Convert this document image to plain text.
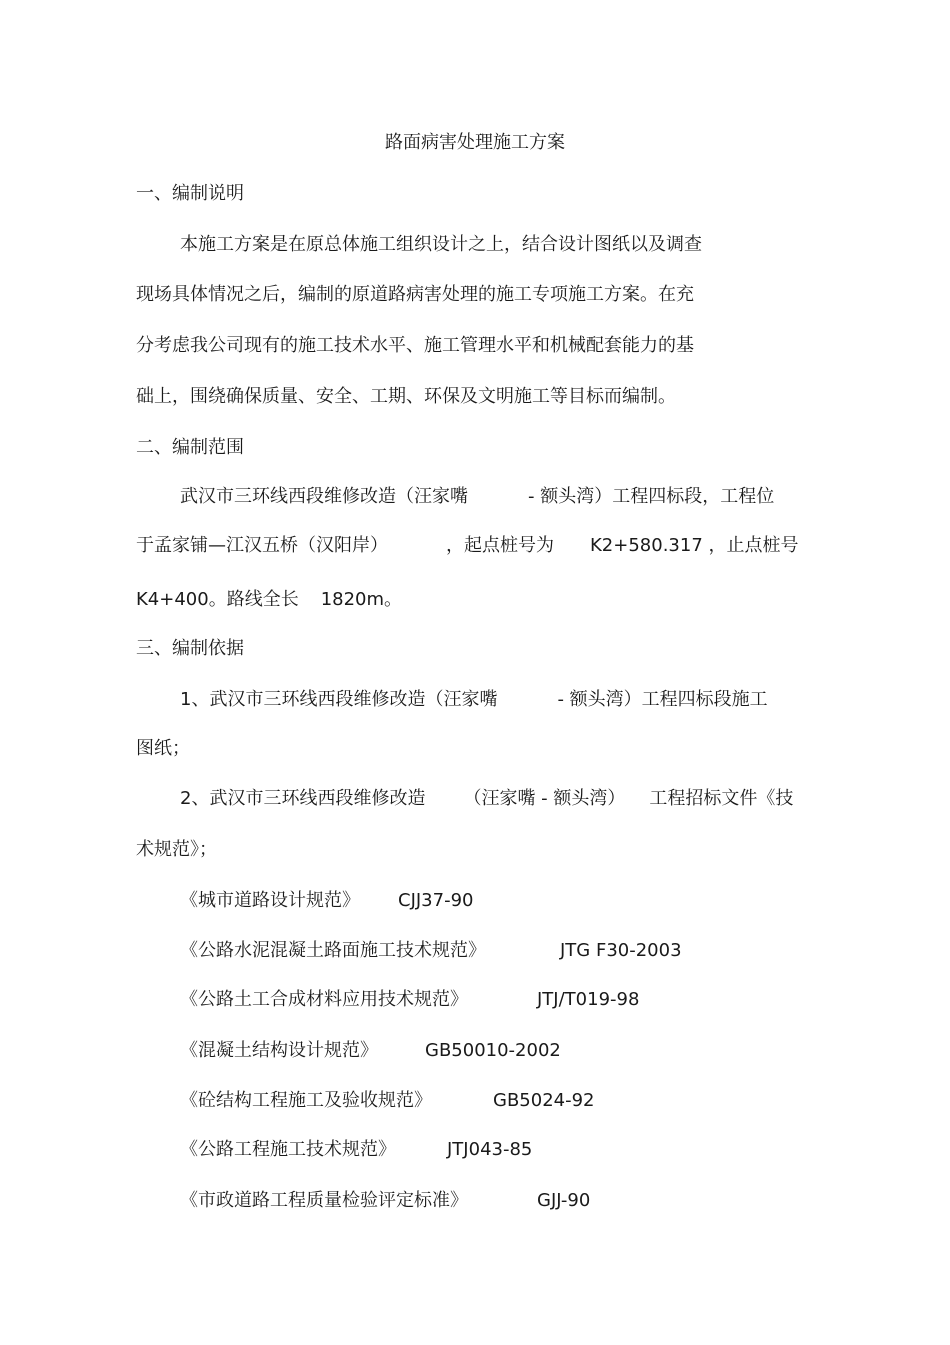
路面病害处理施工方案
一、编制说明
本施工方案是在原总体施工组织设计之上，结合设计图纸以及调查
现场具体情况之后，编制的原道路病害处理的施工专项施工方案。在充
分考虑我公司现有的施工技术水平、施工管理水平和机械配套能力的基
础上，围绕确保质量、安全、工期、环保及文明施工等目标而编制。
二、编制范围
武汉市三环线西段维修改造（汪家嘴	- 额头湾）工程四标段，工程位
于孟家铺—江汉五桥（汉阳岸）	，起点桩号为 K2+580.317 ，止点桩号
K4+400。路线全长 1820m。
三、编制依据
1、武汉市三环线西段维修改造（汪家嘴	- 额头湾）工程四标段施工
图纸；
2、武汉市三环线西段维修改造 （汪家嘴 - 额头湾） 工程招标文件《技
术规范》；
《城市道路设计规范》 CJJ37-90
《公路水泥混凝土路面施工技术规范》	JTG F30-2003
《公路土工合成材料应用技术规范》	JTJ/T019-98
《混凝土结构设计规范》	GB50010-2002
《砼结构工程施工及验收规范》	GB5024-92
《公路工程施工技术规范》	JTJ043-85
《市政道路工程质量检验评定标准》	GJJ-90
